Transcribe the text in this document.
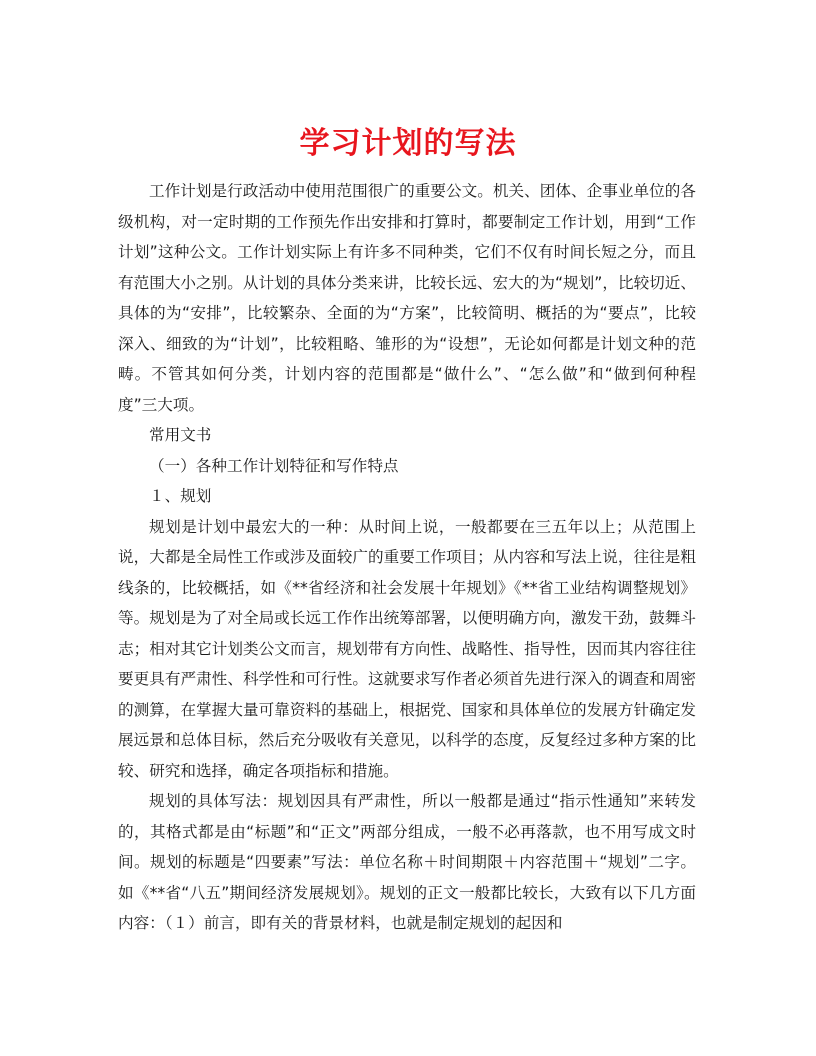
学习计划的写法

工作计划是行政活动中使用范围很广的重要公文。机关、团体、企事业单位的各级机构，对一定时期的工作预先作出安排和打算时，都要制定工作计划，用到“工作计划”这种公文。工作计划实际上有许多不同种类，它们不仅有时间长短之分，而且有范围大小之别。从计划的具体分类来讲，比较长远、宏大的为“规划”，比较切近、具体的为“安排”，比较繁杂、全面的为“方案”，比较简明、概括的为“要点”，比较深入、细致的为“计划”，比较粗略、雏形的为“设想”，无论如何都是计划文种的范畴。不管其如何分类，计划内容的范围都是“做什么”、“怎么做”和“做到何种程度”三大项。

常用文书

（一）各种工作计划特征和写作特点

１、规划

规划是计划中最宏大的一种：从时间上说，一般都要在三五年以上；从范围上说，大都是全局性工作或涉及面较广的重要工作项目；从内容和写法上说，往往是粗线条的，比较概括，如《**省经济和社会发展十年规划》《**省工业结构调整规划》等。规划是为了对全局或长远工作作出统筹部署，以便明确方向，激发干劲，鼓舞斗志；相对其它计划类公文而言，规划带有方向性、战略性、指导性，因而其内容往往要更具有严肃性、科学性和可行性。这就要求写作者必须首先进行深入的调查和周密的测算，在掌握大量可靠资料的基础上，根据党、国家和具体单位的发展方针确定发展远景和总体目标，然后充分吸收有关意见，以科学的态度，反复经过多种方案的比较、研究和选择，确定各项指标和措施。

规划的具体写法：规划因具有严肃性，所以一般都是通过“指示性通知”来转发的，其格式都是由“标题”和“正文”两部分组成，一般不必再落款，也不用写成文时间。规划的标题是“四要素”写法：单位名称＋时间期限＋内容范围＋“规划”二字。如《**省“八五”期间经济发展规划》。规划的正文一般都比较长，大致有以下几方面内容：（１）前言，即有关的背景材料，也就是制定规划的起因和
